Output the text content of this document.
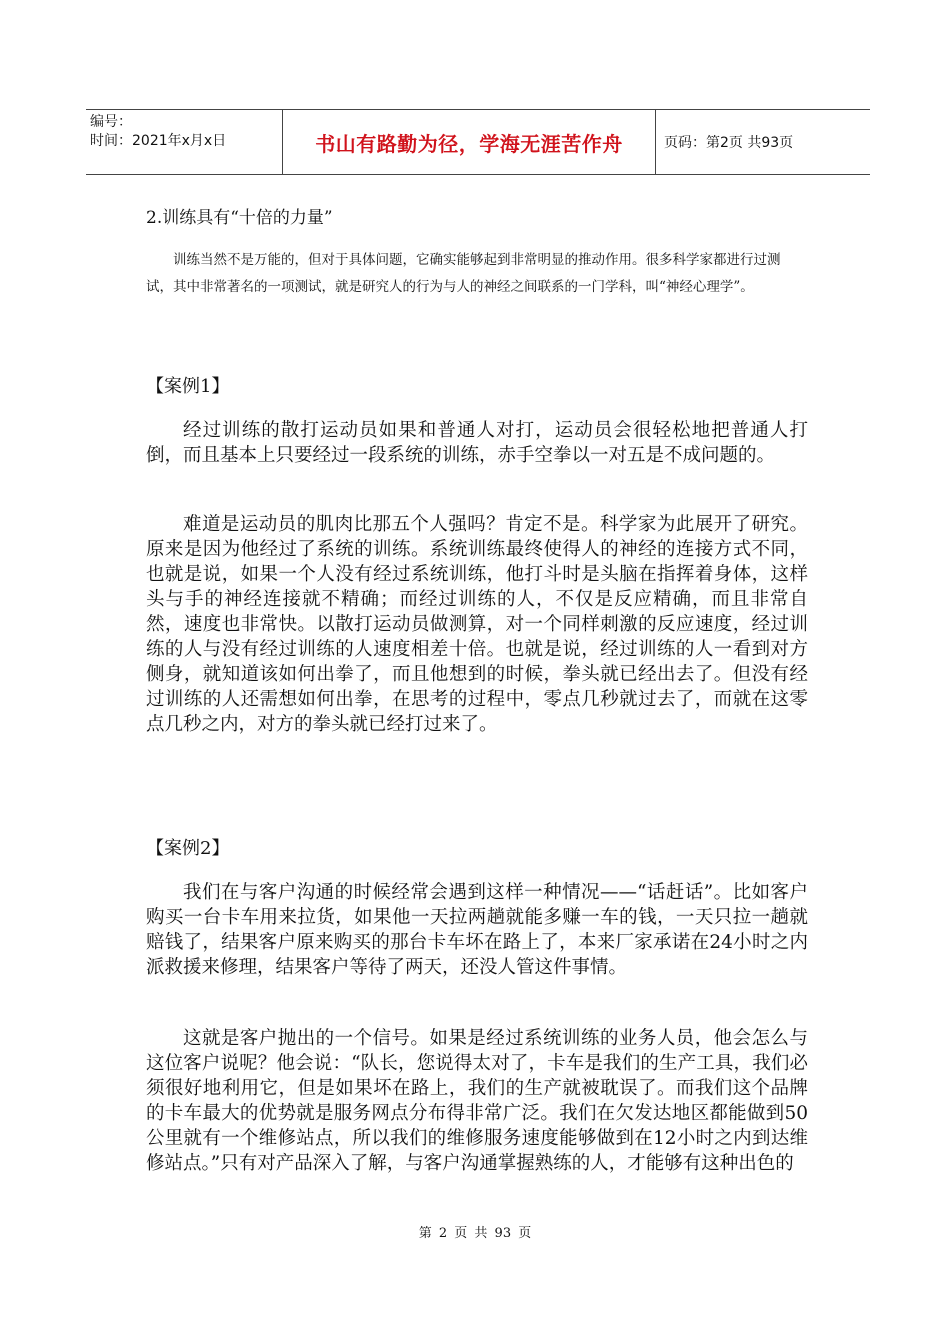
编号：
时间：2021年x月x日	书山有路勤为径，学海无涯苦作舟	页码：第2页 共93页
2.训练具有“十倍的力量”
训练当然不是万能的，但对于具体问题，它确实能够起到非常明显的推动作用。很多科学家都进行过测试，其中非常著名的一项测试，就是研究人的行为与人的神经之间联系的一门学科，叫“神经心理学”。
【案例1】
经过训练的散打运动员如果和普通人对打，运动员会很轻松地把普通人打倒，而且基本上只要经过一段系统的训练，赤手空拳以一对五是不成问题的。
难道是运动员的肌肉比那五个人强吗？肯定不是。科学家为此展开了研究。原来是因为他经过了系统的训练。系统训练最终使得人的神经的连接方式不同，也就是说，如果一个人没有经过系统训练，他打斗时是头脑在指挥着身体，这样头与手的神经连接就不精确；而经过训练的人，不仅是反应精确，而且非常自然，速度也非常快。以散打运动员做测算，对一个同样刺激的反应速度，经过训练的人与没有经过训练的人速度相差十倍。也就是说，经过训练的人一看到对方侧身，就知道该如何出拳了，而且他想到的时候，拳头就已经出去了。但没有经过训练的人还需想如何出拳，在思考的过程中，零点几秒就过去了，而就在这零点几秒之内，对方的拳头就已经打过来了。
【案例2】
我们在与客户沟通的时候经常会遇到这样一种情况——“话赶话”。比如客户购买一台卡车用来拉货，如果他一天拉两趟就能多赚一车的钱，一天只拉一趟就赔钱了，结果客户原来购买的那台卡车坏在路上了，本来厂家承诺在24小时之内派救援来修理，结果客户等待了两天，还没人管这件事情。
这就是客户抛出的一个信号。如果是经过系统训练的业务人员，他会怎么与这位客户说呢？他会说：“队长，您说得太对了，卡车是我们的生产工具，我们必须很好地利用它，但是如果坏在路上，我们的生产就被耽误了。而我们这个品牌的卡车最大的优势就是服务网点分布得非常广泛。我们在欠发达地区都能做到50公里就有一个维修站点，所以我们的维修服务速度能够做到在12小时之内到达维修站点。”只有对产品深入了解，与客户沟通掌握熟练的人，才能够有这种出色的
第 2 页 共 93 页
